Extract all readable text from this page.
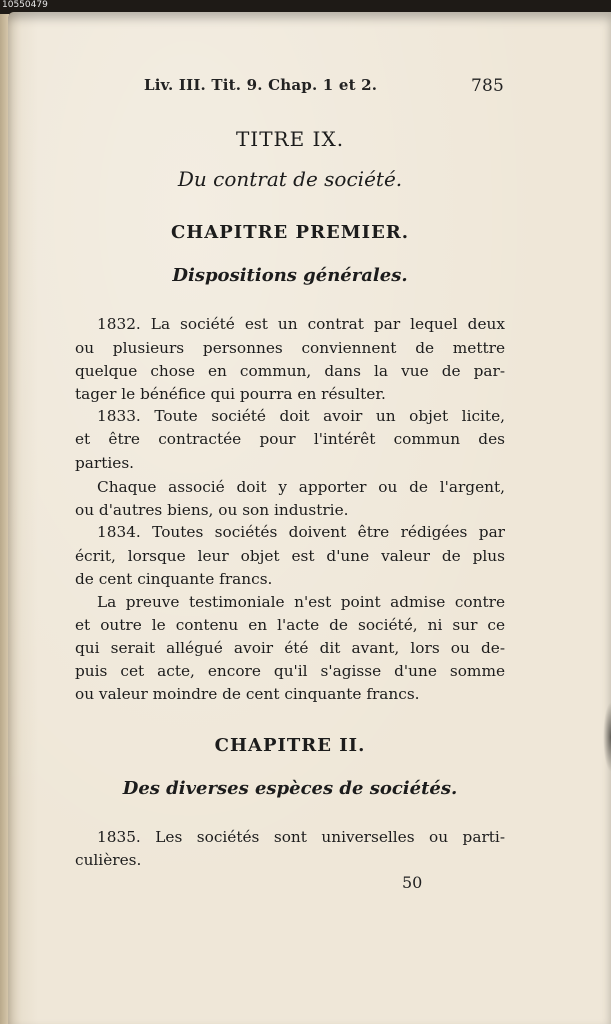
10550479
Liv. III. Tit. 9. Chap. 1 et 2.	785
TITRE IX.
Du contrat de société.
CHAPITRE PREMIER.
Dispositions générales.
1832. La société est un contrat par lequel deux
ou plusieurs personnes conviennent de mettre
quelque chose en commun, dans la vue de par-
tager le bénéfice qui pourra en résulter.
1833. Toute société doit avoir un objet licite,
et être contractée pour l'intérêt commun des
parties.
Chaque associé doit y apporter ou de l'argent,
ou d'autres biens, ou son industrie.
1834. Toutes sociétés doivent être rédigées par
écrit, lorsque leur objet est d'une valeur de plus
de cent cinquante francs.
La preuve testimoniale n'est point admise contre
et outre le contenu en l'acte de société, ni sur ce
qui serait allégué avoir été dit avant, lors ou de-
puis cet acte, encore qu'il s'agisse d'une somme
ou valeur moindre de cent cinquante francs.
CHAPITRE II.
Des diverses espèces de sociétés.
1835. Les sociétés sont universelles ou parti-
culières.
50
